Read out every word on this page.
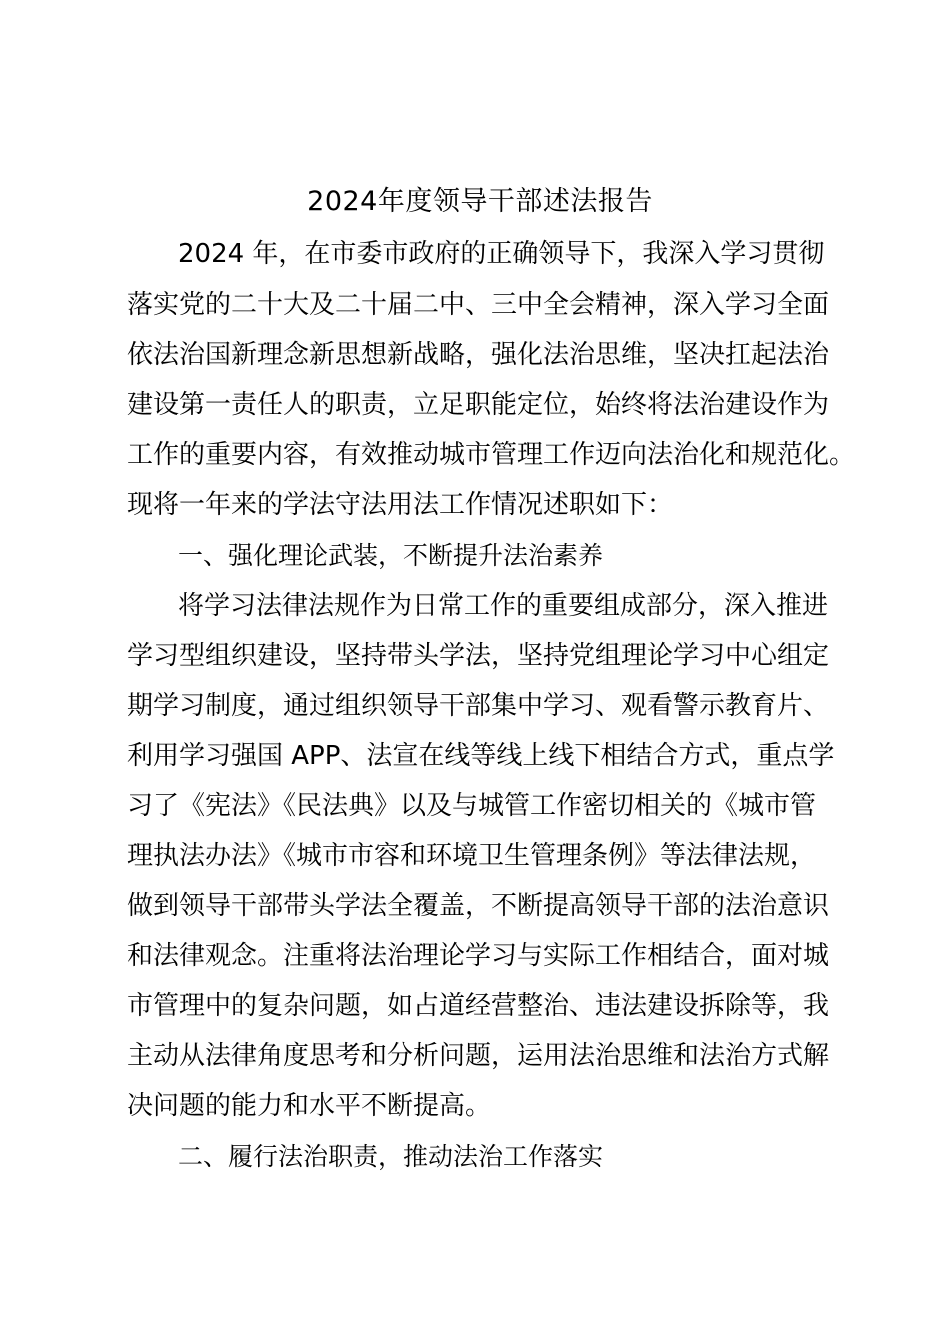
2024年度领导干部述法报告
2024 年，在市委市政府的正确领导下，我深入学习贯彻
落实党的二十大及二十届二中、三中全会精神，深入学习全面
依法治国新理念新思想新战略，强化法治思维，坚决扛起法治
建设第一责任人的职责，立足职能定位，始终将法治建设作为
工作的重要内容，有效推动城市管理工作迈向法治化和规范化。
现将一年来的学法守法用法工作情况述职如下：
一、强化理论武装，不断提升法治素养
将学习法律法规作为日常工作的重要组成部分，深入推进
学习型组织建设，坚持带头学法，坚持党组理论学习中心组定
期学习制度，通过组织领导干部集中学习、观看警示教育片、
利用学习强国 APP、法宣在线等线上线下相结合方式，重点学
习了《宪法》《民法典》以及与城管工作密切相关的《城市管
理执法办法》《城市市容和环境卫生管理条例》等法律法规，
做到领导干部带头学法全覆盖，不断提高领导干部的法治意识
和法律观念。注重将法治理论学习与实际工作相结合，面对城
市管理中的复杂问题，如占道经营整治、违法建设拆除等，我
主动从法律角度思考和分析问题，运用法治思维和法治方式解
决问题的能力和水平不断提高。
二、履行法治职责，推动法治工作落实
